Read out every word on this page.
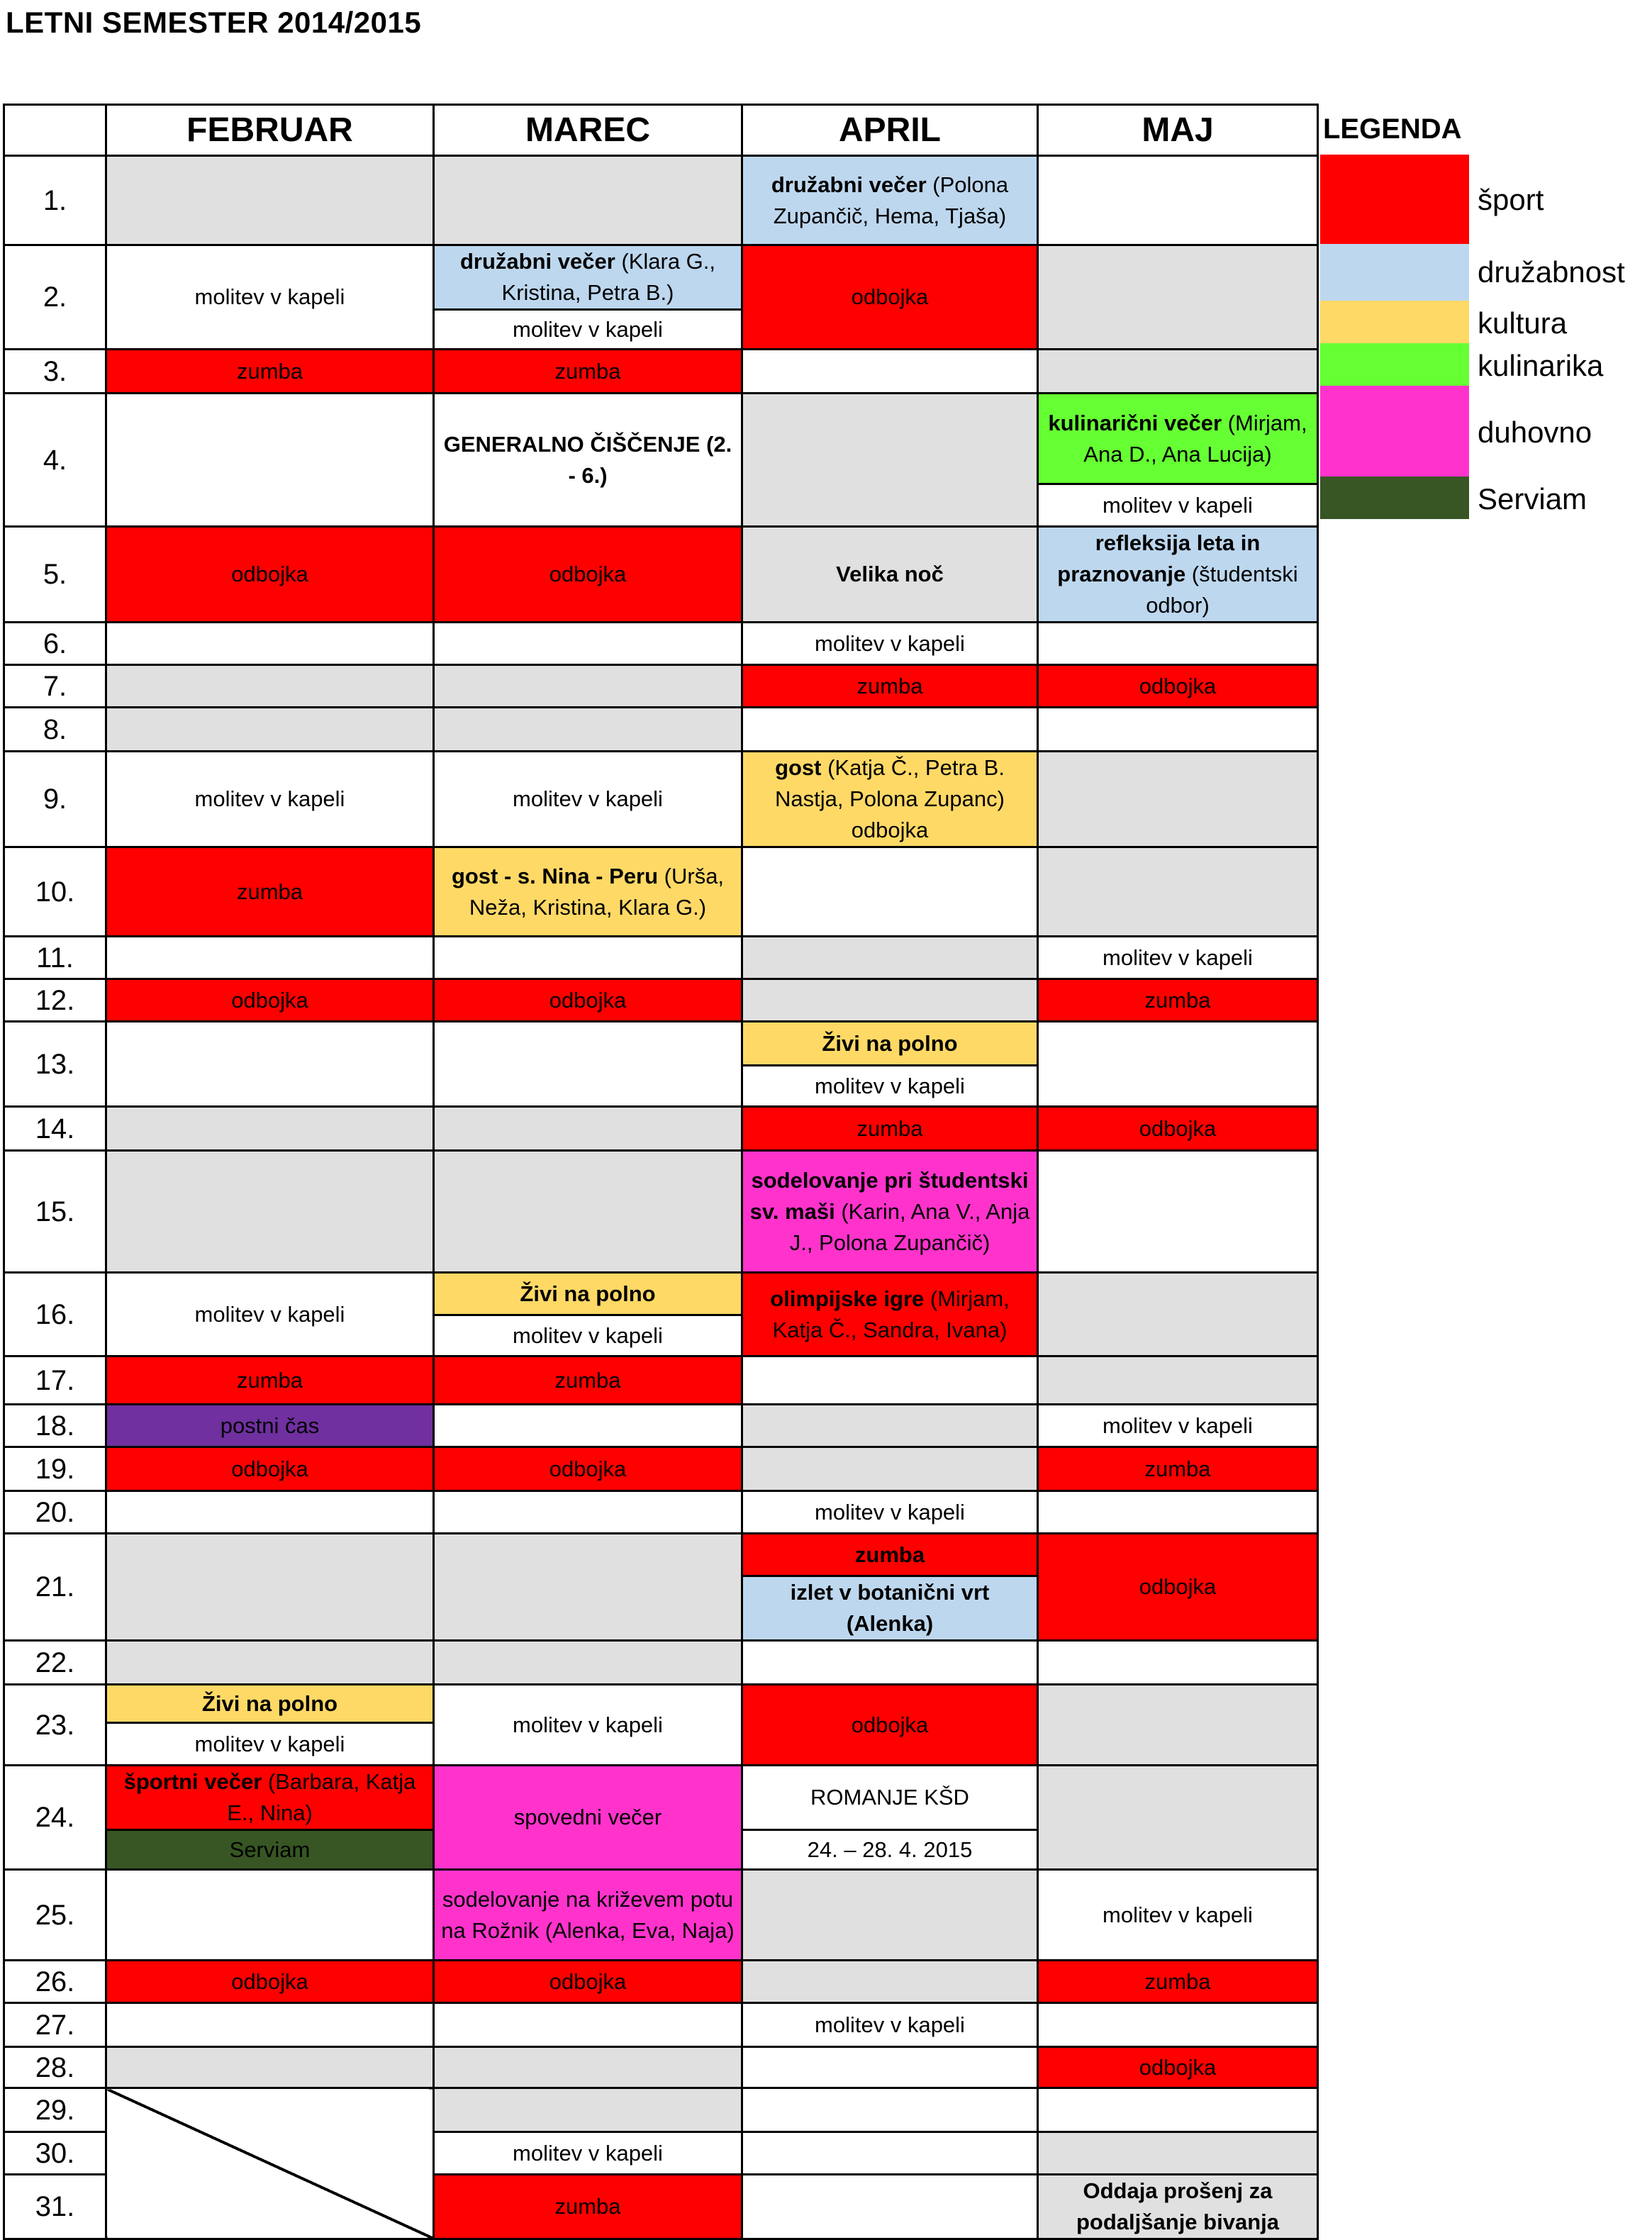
LETNI SEMESTER 2014/2015
	FEBRUAR	MAREC	APRIL	MAJ
1.			družabni večer (Polona Zupančič, Hema, Tjaša)	
2.	molitev v kapeli	družabni večer (Klara G., Kristina, Petra B.)	odbojka	
		molitev v kapeli		
3.	zumba	zumba		
4.		GENERALNO ČIŠČENJE (2. - 6.)		kulinarični večer (Mirjam, Ana D., Ana Lucija)
				molitev v kapeli
5.	odbojka	odbojka	Velika noč	refleksija leta in praznovanje (študentski odbor)
6.			molitev v kapeli	
7.			zumba	odbojka
8.				
9.	molitev v kapeli	molitev v kapeli	gost (Katja Č., Petra B. Nastja, Polona Zupanc) odbojka	
10.	zumba	gost - s. Nina - Peru (Urša, Neža, Kristina, Klara G.)		
11.				molitev v kapeli
12.	odbojka	odbojka		zumba
13.			Živi na polno	
			molitev v kapeli	
14.			zumba	odbojka
15.			sodelovanje pri študentski sv. maši (Karin, Ana V., Anja J., Polona Zupančič)	
16.	molitev v kapeli	Živi na polno	olimpijske igre (Mirjam, Katja Č., Sandra, Ivana)	
		molitev v kapeli		
17.	zumba	zumba		
18.	postni čas			molitev v kapeli
19.	odbojka	odbojka		zumba
20.			molitev v kapeli	
21.			zumba	odbojka
			izlet v botanični vrt (Alenka)	
22.				
23.	Živi na polno	molitev v kapeli	odbojka	
	molitev v kapeli			
24.	športni večer (Barbara, Katja E., Nina)	spovedni večer	ROMANJE KŠD	
	Serviam		24. – 28. 4. 2015	
25.		sodelovanje na križevem potu na Rožnik (Alenka, Eva, Naja)		molitev v kapeli
26.	odbojka	odbojka		zumba
27.			molitev v kapeli	
28.				odbojka
29.				
30.		molitev v kapeli		
31.		zumba		Oddaja prošenj za podaljšanje bivanja
LEGENDA
šport
družabnost
kultura
kulinarika
duhovno
Serviam
